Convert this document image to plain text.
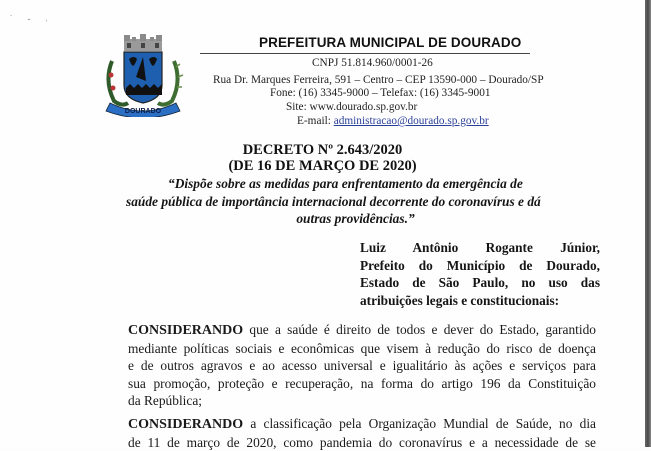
˙ - ˒
DOURADO
PREFEITURA MUNICIPAL DE DOURADO
CNPJ 51.814.960/0001-26
Rua Dr. Marques Ferreira, 591 – Centro – CEP 13590-000 – Dourado/SP
Fone: (16) 3345-9000 – Telefax: (16) 3345-9001
Site: www.dourado.sp.gov.br
E-mail: administracao@dourado.sp.gov.br
DECRETO Nº 2.643/2020
(DE 16 DE MARÇO DE 2020)
“Dispõe sobre as medidas para enfrentamento da emergência de
saúde pública de importância internacional decorrente do coronavírus e dá
outras providências.”
Luiz Antônio Rogante Júnior,
Prefeito do Município de Dourado,
Estado de São Paulo, no uso das
atribuições legais e constitucionais:
CONSIDERANDO que a saúde é direito de todos e dever do Estado, garantido
mediante políticas sociais e econômicas que visem à redução do risco de doença
e de outros agravos e ao acesso universal e igualitário às ações e serviços para
sua promoção, proteção e recuperação, na forma do artigo 196 da Constituição
da República;
CONSIDERANDO a classificação pela Organização Mundial de Saúde, no dia
de 11 de março de 2020, como pandemia do coronavírus e a necessidade de se
